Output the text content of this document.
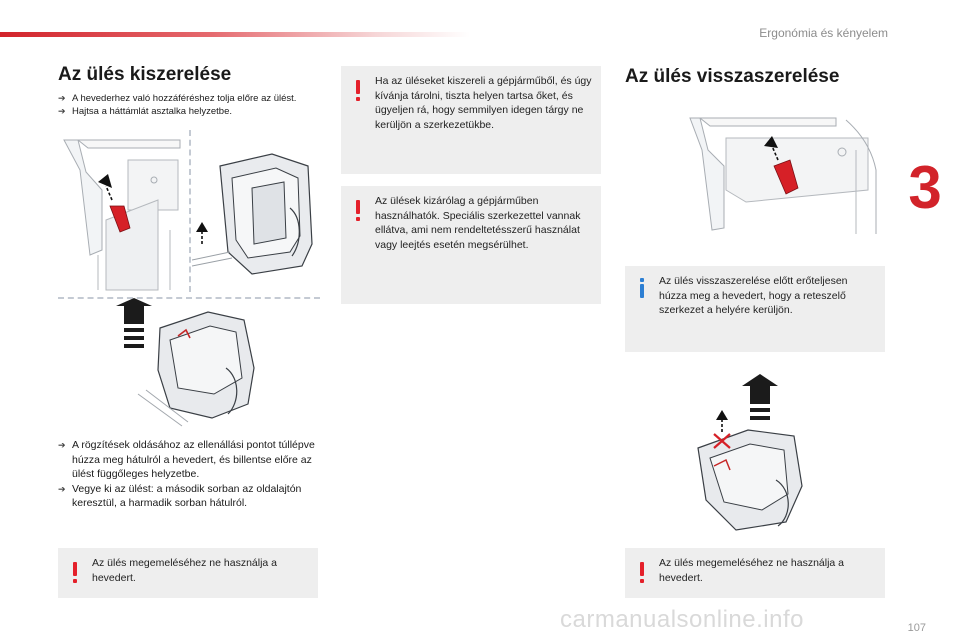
Ergonómia és kényelem
3
Az ülés kiszerelése
➔ A hevederhez való hozzáféréshez tolja előre az ülést.
➔ Hajtsa a háttámlát asztalka helyzetbe.
➔ A rögzítések oldásához az ellenállási pontot túllépve húzza meg hátulról a hevedert, és billentse előre az ülést függőleges helyzetbe.
➔ Vegye ki az ülést: a második sorban az oldalajtón keresztül, a harmadik sorban hátulról.
Az ülés megemeléséhez ne használja a hevedert.
Ha az üléseket kiszereli a gépjárműből, és úgy kívánja tárolni, tiszta helyen tartsa őket, és ügyeljen rá, hogy semmilyen idegen tárgy ne kerüljön a szerkezetükbe.
Az ülések kizárólag a gépjárműben használhatók. Speciális szerkezettel vannak ellátva, ami nem rendeltetésszerű használat vagy leejtés esetén megsérülhet.
Az ülés visszaszerelése
Az ülés visszaszerelése előtt erőteljesen húzza meg a hevedert, hogy a reteszelő szerkezet a helyére kerüljön.
Az ülés megemeléséhez ne használja a hevedert.
carmanualsonline.info	107
